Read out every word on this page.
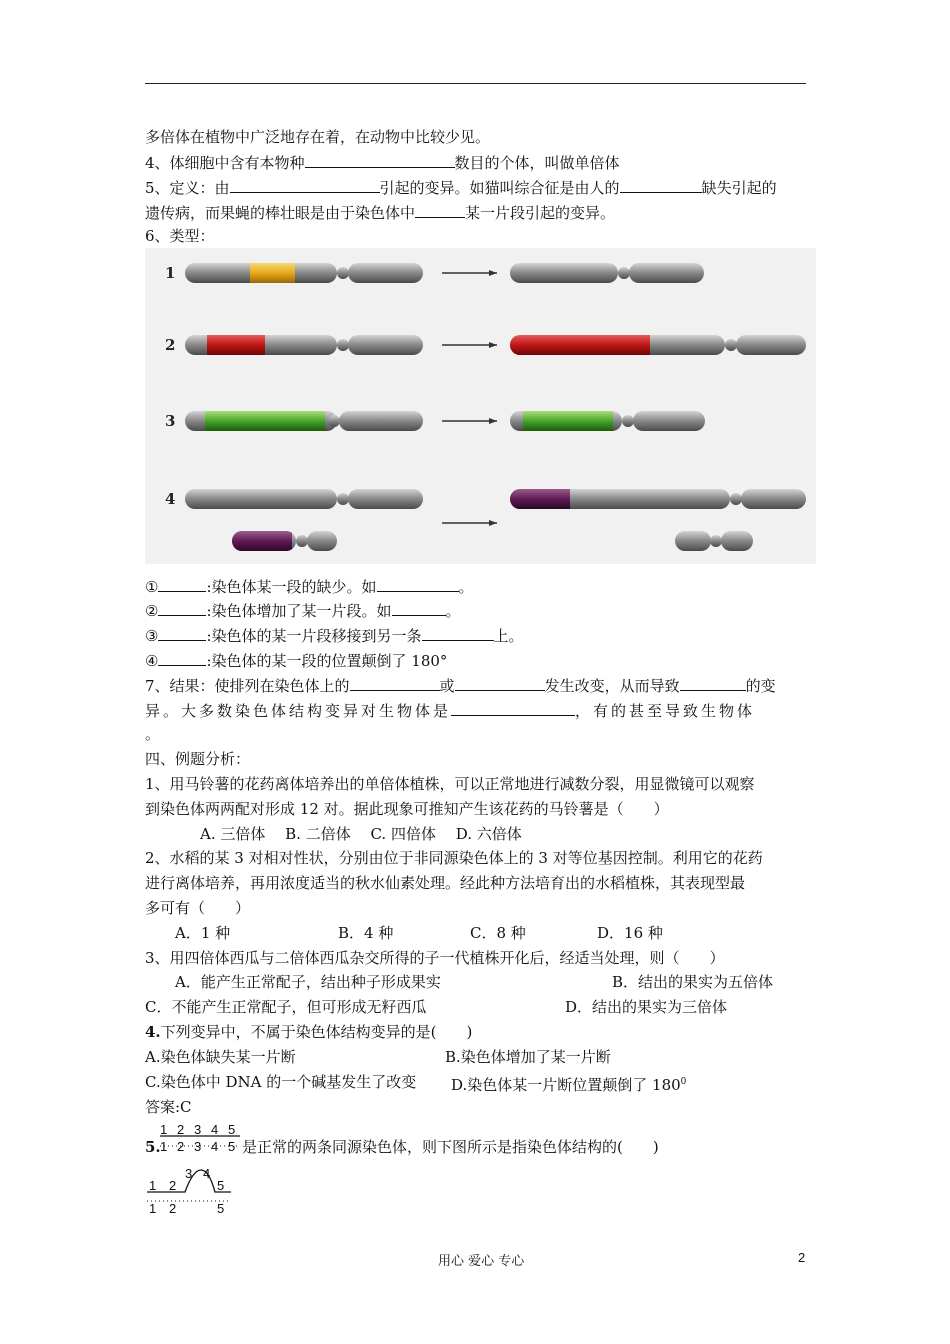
多倍体在植物中广泛地存在着，在动物中比较少见。
4、体细胞中含有本物种	数目的个体，叫做单倍体
5、定义：由	引起的变异。如猫叫综合征是由人的	缺失引起的
遗传病，而果蝇的棒壮眼是由于染色体中	某一片段引起的变异。
6、类型：
1
2
3
4
①	:染色体某一段的缺少。如	。
②	:染色体增加了某一片段。如	。
③	:染色体的某一片段移接到另一条	上。
④	:染色体的某一段的位置颠倒了 180°
7、结果：使排列在染色体上的	或	发生改变，从而导致	的变
异。大多数染色体结构变异对生物体是	，有的甚至导致生物体
。
四、例题分析：
1、用马铃薯的花药离体培养出的单倍体植株，可以正常地进行减数分裂，用显微镜可以观察
到染色体两两配对形成 12 对。据此现象可推知产生该花药的马铃薯是（　　）
A. 三倍体　 B. 二倍体　 C. 四倍体　 D. 六倍体
2、水稻的某 3 对相对性状，分别由位于非同源染色体上的 3 对等位基因控制。利用它的花药
进行离体培养，再用浓度适当的秋水仙素处理。经此种方法培育出的水稻植株，其表现型最
多可有（　　）
A．1 种	B．4 种	C．8 种	D．16 种
3、用四倍体西瓜与二倍体西瓜杂交所得的子一代植株开化后，经适当处理，则（　　）
A．能产生正常配子，结出种子形成果实	B．结出的果实为五倍体
C．不能产生正常配子，但可形成无籽西瓜	D．结出的果实为三倍体
4.下列变异中，不属于染色体结构变异的是(　　)
A.染色体缺失某一片断	B.染色体增加了某一片断
C.染色体中 DNA 的一个碱基发生了改变 D.染色体某一片断位置颠倒了 $180^0$
答案:C
5.
1 2 3 4 5
1 2 3 4 5 是正常的两条同源染色体，则下图所示是指染色体结构的(　　)
1 2
3 4
5
1 2	5
用心 爱心 专心	2
